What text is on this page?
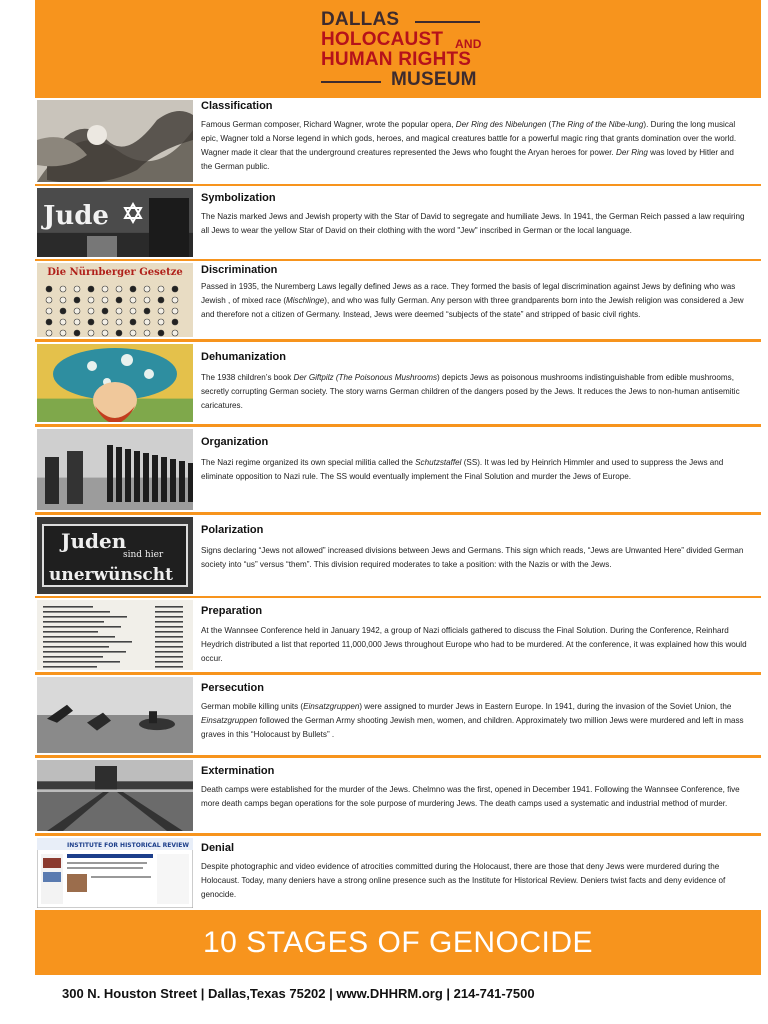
DALLAS
HOLOCAUST AND
HUMAN RIGHTS
MUSEUM
Classification

Famous German composer, Richard Wagner, wrote the popular opera, Der Ring des Nibelungen (The Ring of the Nibe-lung). During the long musical epic, Wagner told a Norse legend in which gods, heroes, and magical creatures battle for a powerful magic ring that grants domination over the world. Wagner made it clear that the underground creatures represented the Jews who fought the Aryan heroes for power. Der Ring was loved by Hitler and the German public.

Jude
Symbolization

The Nazis marked Jews and Jewish property with the Star of David to segregate and humiliate Jews. In 1941, the German Reich passed a law requiring all Jews to wear the yellow Star of David on their clothing with the word "Jew" inscribed in German or the local language.

Die Nürnberger Gesetze Discrimination

Passed in 1935, the Nuremberg Laws legally defined Jews as a race. They formed the basis of legal discrimination against Jews by defining who was Jewish , of mixed race (Mischlinge), and who was fully German. Any person with three grandparents born into the Jewish religion was considered a Jew and therefore not a citizen of Germany. Instead, Jews were deemed “subjects of the state” and stripped of basic civil rights.

Dehumanization

The 1938 children’s book Der Giftpilz (The Poisonous Mushrooms) depicts Jews as poisonous mushrooms indistinguishable from edible mushrooms, secretly corrupting German society. The story warns German children of the dangers posed by the Jews. It reduces the Jews to non-human antisemitic caricatures.

Organization

The Nazi regime organized its own special militia called the Schutzstaffel (SS). It was led by Heinrich Himmler and used to suppress the Jews and eliminate opposition to Nazi rule. The SS would eventually implement the Final Solution and murder the Jews of Europe.

Juden
sind hier
unerwünscht
Polarization

Signs declaring “Jews not allowed” increased divisions between Jews and Germans. This sign which reads, “Jews are Unwanted Here” divided German society into “us” versus “them”. This division required moderates to take a position: with the Nazis or with the Jews.

Preparation

At the Wannsee Conference held in January 1942, a group of Nazi officials gathered to discuss the Final Solution. During the Conference, Reinhard Heydrich distributed a list that reported 11,000,000 Jews throughout Europe who had to be murdered. At the conference, it was explained how this would occur.

Persecution

German mobile killing units (Einsatzgruppen) were assigned to murder Jews in Eastern Europe. In 1941, during the invasion of the Soviet Union, the Einsatzgruppen followed the German Army shooting Jewish men, women, and children. Approximately two million Jews were murdered and left in mass graves in this “Holocaust by Bullets” .

Extermination

Death camps were established for the murder of the Jews. Chelmno was the first, opened in December 1941. Following the Wannsee Conference, five more death camps began operations for the sole purpose of murdering Jews. The death camps used a systematic and industrial method of murder.

INSTITUTE FOR HISTORICAL REVIEW Denial

Despite photographic and video evidence of atrocities committed during the Holocaust, there are those that deny Jews were murdered during the Holocaust. Today, many deniers have a strong online presence such as the Institute for Historical Review. Deniers twist facts and deny evidence of genocide.

10 STAGES OF GENOCIDE
300 N. Houston Street | Dallas,Texas 75202 | www.DHHRM.org | 214-741-7500
